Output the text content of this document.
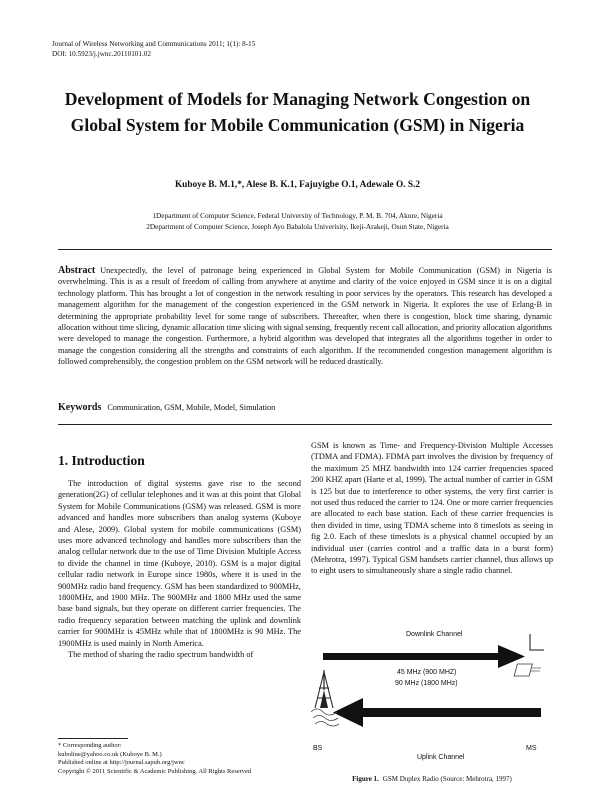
Journal of Wireless Networking and Communications 2011; 1(1): 8-15
DOI: 10.5923/j.jwnc.20110101.02
Development of Models for Managing Network Congestion on Global System for Mobile Communication (GSM) in Nigeria
Kuboye B. M.1,*, Alese B. K.1, Fajuyigbe O.1, Adewale O. S.2
1Department of Computer Science, Federal University of Technology, P. M. B. 704, Akure, Nigeria
2Department of Computer Science, Joseph Ayo Babalola Univerisity, Ikeji-Arakeji, Osun State, Nigeria
Abstract Unexpectedly, the level of patronage being experienced in Global System for Mobile Communication (GSM) in Nigeria is overwhelming. This is as a result of freedom of calling from anywhere at anytime and clarity of the voice enjoyed in GSM since it is on a digital technology platform. This has brought a lot of congestion in the network resulting in poor services by the operators. This research has developed a management algorithm for the management of the congestion experienced in the GSM network in Nigeria. It explores the use of Erlang-B in determining the appropriate probability level for some range of subscribers. Thereafter, when there is congestion, block time sharing, dynamic allocation without time slicing, dynamic allocation time slicing with signal sensing, frequently recent call allocation, and priority allocation algorithms were developed to manage the congestion. Furthermore, a hybrid algorithm was developed that integrates all the algorithms together in order to manage the congestion considering all the strengths and constraints of each algorithm. If the recommended congestion management algorithm is followed comprehensibly, the congestion problem on the GSM network will be reduced drastically.
Keywords Communication, GSM, Mobile, Model, Simulation
1. Introduction

The introduction of digital systems gave rise to the second generation(2G) of cellular telephones and it was at this point that Global System for Mobile Communications (GSM) was released. GSM is more advanced and handles more subscribers than analog systems (Kuboye and Alese, 2009). Global system for mobile communications (GSM) uses more advanced technology and handles more subscribers than the analog cellular network due to the use of Time Division Multiple Access to divide the channel in time (Kuboye, 2010). GSM is a major digital cellular radio network in Europe since 1980s, where it is used in the 900MHz radio band frequency. GSM has been standardized to 900MHz, 1800MHz, and 1900 MHz. The 900MHz and 1800 MHz used the same base band signals, but they operate on different carrier frequencies. The radio frequency separation between matching the uplink and downlink carrier for 900MHz is 45MHz while that of 1800MHz is 90 MHz. The 1900MHz is used mainly in North America.

The method of sharing the radio spectrum bandwidth of

GSM is known as Time- and Frequency-Division Multiple Accesses (TDMA and FDMA). FDMA part involves the division by frequency of the maximum 25 MHZ bandwidth into 124 carrier frequencies spaced 200 KHZ apart (Harte et al, 1999). The actual number of carrier in GSM is 125 but due to interference to other systems, the very first carrier is not used thus reduced the carrier to 124. One or more carrier frequencies are allocated to each base station. Each of these carrier frequencies is then divided in time, using TDMA scheme into 8 timeslots as seeing in fig 2.0. Each of these timeslots is a physical channel occupied by an individual user (carries control and a traffic data in a burst form) (Mehrotra, 1997). Typical GSM handsets carrier channel, thus allows up to eight users to simultaneously share a single radio channel.

Downlink Channel
45 MHz (900 MHZ)
90 MHz (1800 MHz)
BS	MS
Uplink Channel
Figure 1. GSM Duplex Radio (Source: Mehrotra, 1997)
* Corresponding author:
kuboline@yahoo.co.uk (Kuboye B. M.)
Published online at http://journal.sapub.org/jwnc
Copyright © 2011 Scientific & Academic Publishing. All Rights Reserved
